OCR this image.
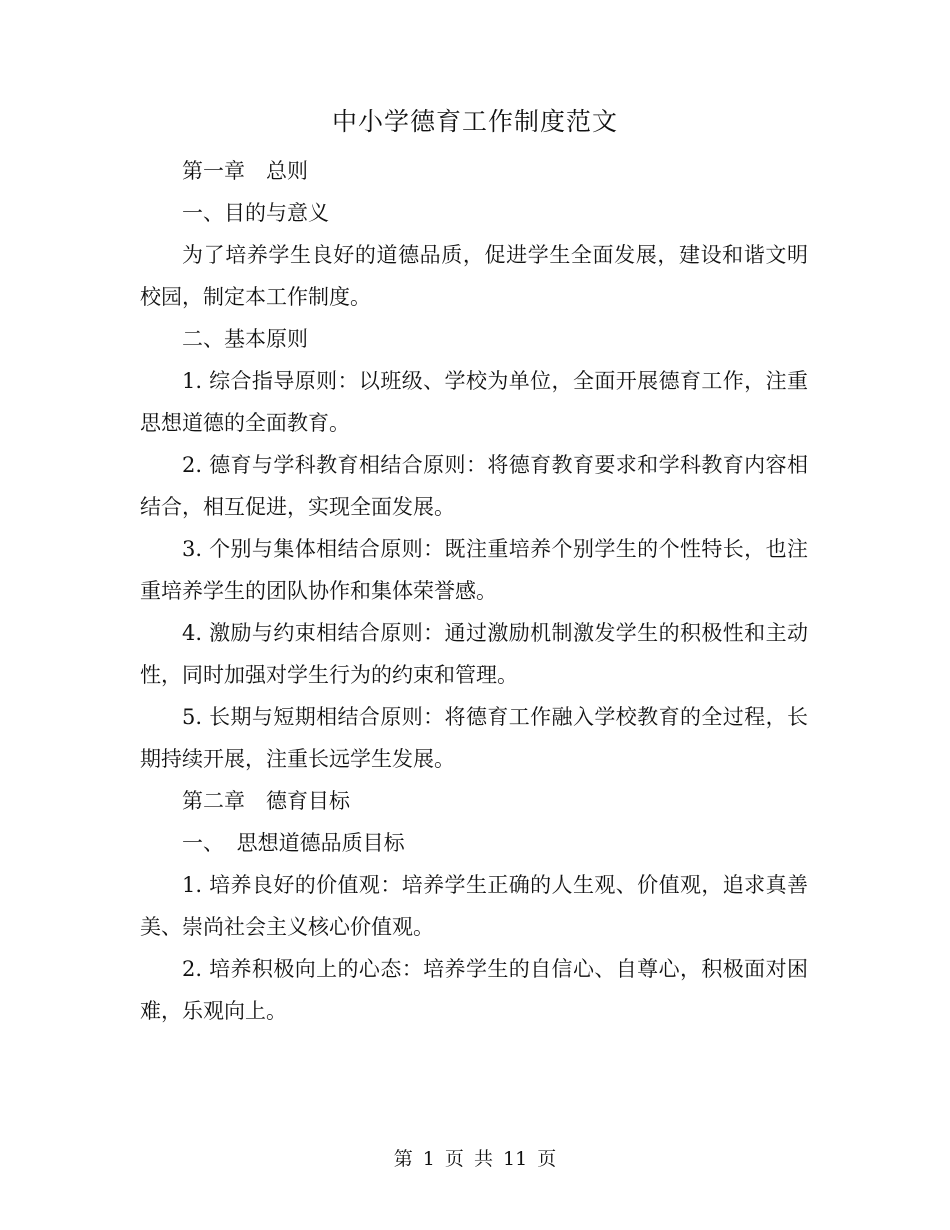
中小学德育工作制度范文

第一章 总则

一、目的与意义

为了培养学生良好的道德品质，促进学生全面发展，建设和谐文明校园，制定本工作制度。

二、基本原则

1. 综合指导原则：以班级、学校为单位，全面开展德育工作，注重思想道德的全面教育。

2. 德育与学科教育相结合原则：将德育教育要求和学科教育内容相结合，相互促进，实现全面发展。

3. 个别与集体相结合原则：既注重培养个别学生的个性特长，也注重培养学生的团队协作和集体荣誉感。

4. 激励与约束相结合原则：通过激励机制激发学生的积极性和主动性，同时加强对学生行为的约束和管理。

5. 长期与短期相结合原则：将德育工作融入学校教育的全过程，长期持续开展，注重长远学生发展。

第二章 德育目标

一、 思想道德品质目标

1. 培养良好的价值观：培养学生正确的人生观、价值观，追求真善美、崇尚社会主义核心价值观。

2. 培养积极向上的心态：培养学生的自信心、自尊心，积极面对困难，乐观向上。

第 1 页 共 11 页
